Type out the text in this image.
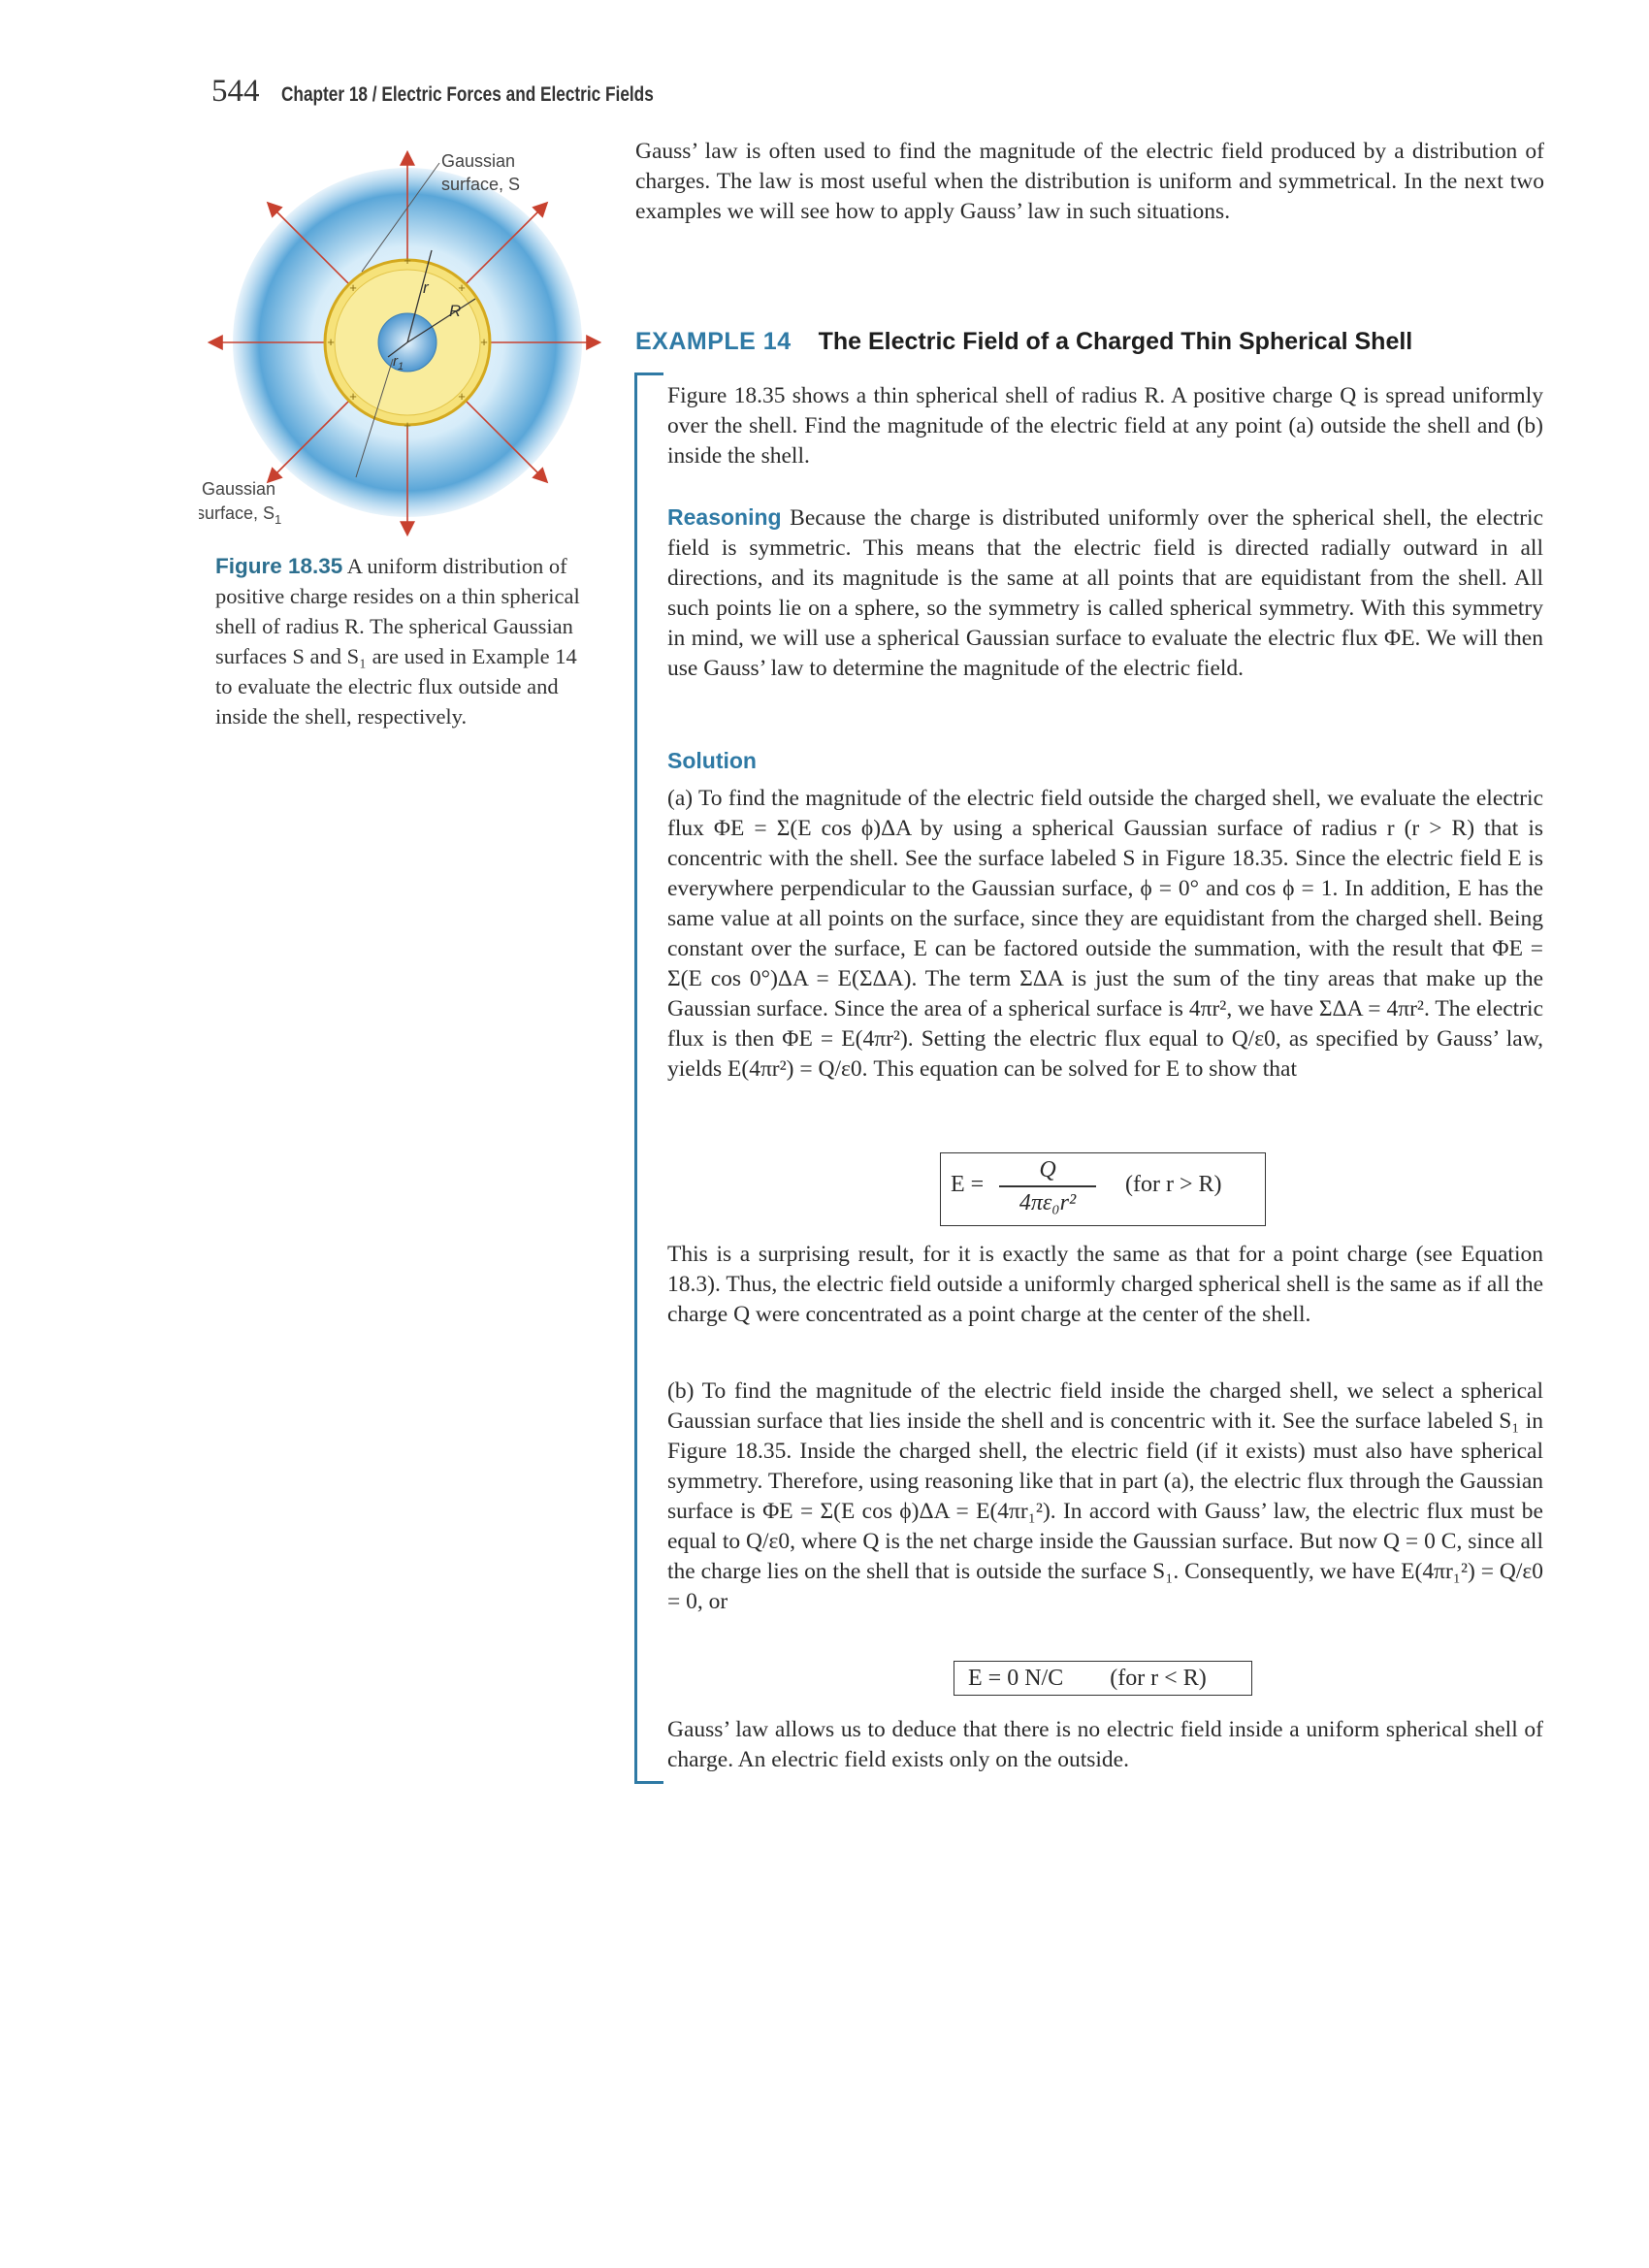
544 Chapter 18 / Electric Forces and Electric Fields
+
+
+	+
+	+
+	+
Gaussian
surface, S
Gaussian
surface, $S_1$
r
R
$r_1$
Figure 18.35 A uniform distribution of positive charge resides on a thin spherical shell of radius R. The spherical Gaussian surfaces S and S₁ are used in Example 14 to evaluate the electric flux outside and inside the shell, respectively.
Gauss’ law is often used to find the magnitude of the electric field produced by a distribution of charges. The law is most useful when the distribution is uniform and symmetrical. In the next two examples we will see how to apply Gauss’ law in such situations.
EXAMPLE 14 The Electric Field of a Charged Thin Spherical Shell
Figure 18.35 shows a thin spherical shell of radius R. A positive charge Q is spread uniformly over the shell. Find the magnitude of the electric field at any point (a) outside the shell and (b) inside the shell.
Reasoning Because the charge is distributed uniformly over the spherical shell, the electric field is symmetric. This means that the electric field is directed radially outward in all directions, and its magnitude is the same at all points that are equidistant from the shell. All such points lie on a sphere, so the symmetry is called spherical symmetry. With this symmetry in mind, we will use a spherical Gaussian surface to evaluate the electric flux ΦE. We will then use Gauss’ law to determine the magnitude of the electric field.
Solution
(a) To find the magnitude of the electric field outside the charged shell, we evaluate the electric flux ΦE = Σ(E cos ϕ)ΔA by using a spherical Gaussian surface of radius r (r > R) that is concentric with the shell. See the surface labeled S in Figure 18.35. Since the electric field E is everywhere perpendicular to the Gaussian surface, ϕ = 0° and cos ϕ = 1. In addition, E has the same value at all points on the surface, since they are equidistant from the charged shell. Being constant over the surface, E can be factored outside the summation, with the result that ΦE = Σ(E cos 0°)ΔA = E(ΣΔA). The term ΣΔA is just the sum of the tiny areas that make up the Gaussian surface. Since the area of a spherical surface is 4πr², we have ΣΔA = 4πr². The electric flux is then ΦE = E(4πr²). Setting the electric flux equal to Q/ε0, as specified by Gauss’ law, yields E(4πr²) = Q/ε0. This equation can be solved for E to show that
E =
Q
4πε₀r²
(for r > R)
This is a surprising result, for it is exactly the same as that for a point charge (see Equation 18.3). Thus, the electric field outside a uniformly charged spherical shell is the same as if all the charge Q were concentrated as a point charge at the center of the shell.
(b) To find the magnitude of the electric field inside the charged shell, we select a spherical Gaussian surface that lies inside the shell and is concentric with it. See the surface labeled S₁ in Figure 18.35. Inside the charged shell, the electric field (if it exists) must also have spherical symmetry. Therefore, using reasoning like that in part (a), the electric flux through the Gaussian surface is ΦE = Σ(E cos ϕ)ΔA = E(4πr₁²). In accord with Gauss’ law, the electric flux must be equal to Q/ε0, where Q is the net charge inside the Gaussian surface. But now Q = 0 C, since all the charge lies on the shell that is outside the surface S₁. Consequently, we have E(4πr₁²) = Q/ε0 = 0, or
E = 0 N/C (for r < R)
Gauss’ law allows us to deduce that there is no electric field inside a uniform spherical shell of charge. An electric field exists only on the outside.
